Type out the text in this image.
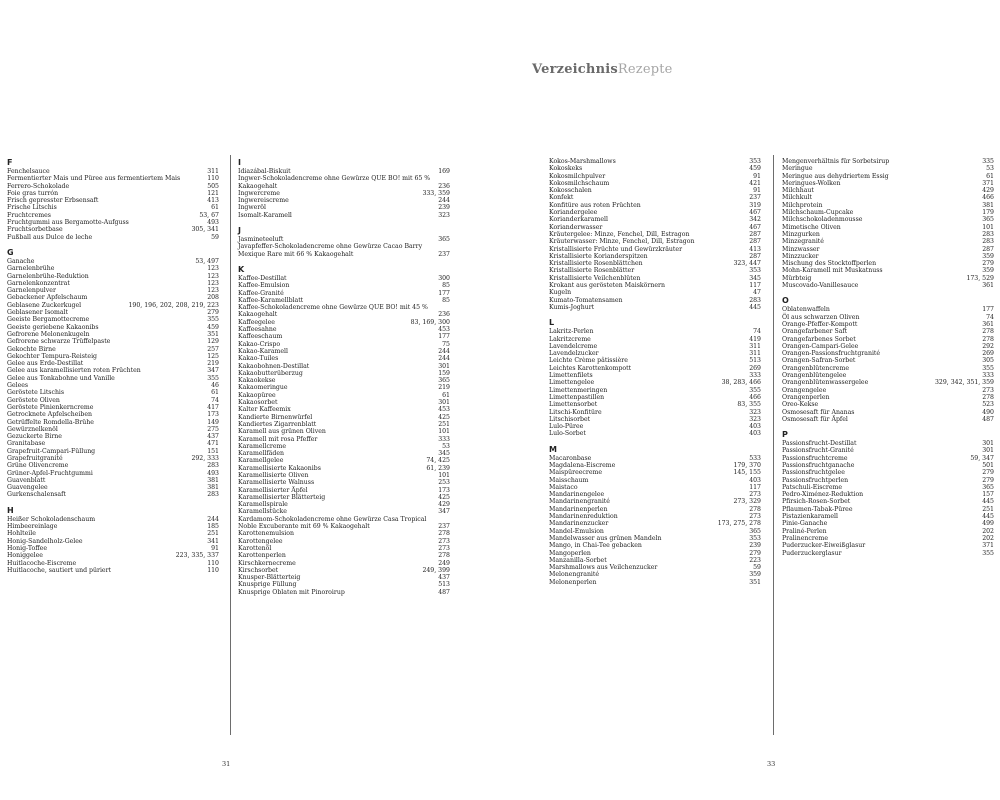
VerzeichnisRezepte
F
Fenchelsauce	311
Fermentierter Mais und Püree aus fermentiertem Mais	110
Ferrero-Schokolade	505
Foie gras turrón	121
Frisch gepresster Erbsensaft	413
Frische Litschis	61
Fruchtcremes	53, 67
Fruchtgummi aus Bergamotte-Aufguss	493
Fruchtsorbetbase	305, 341
Fußball aus Dulce de leche	59
G
Ganache	53, 497
Garnelenbrühe	123
Garnelenbrühe-Reduktion	123
Garnelenkonzentrat	123
Garnelenpulver	123
Gebackener Apfelschaum	208
Geblasene Zuckerkugel	190, 196, 202, 208, 219, 223
Geblasener Isomalt	279
Geeiste Bergamottecreme	355
Geeiste geriebene Kakaonibs	459
Gefrorene Melonenkugeln	351
Gefrorene schwarze Trüffelpaste	129
Gekochte Birne	257
Gekochter Tempura-Reisteig	125
Gelee aus Erde-Destillat	219
Gelee aus karamellisierten roten Früchten	347
Gelee aus Tonkabohne und Vanille	355
Gelees	46
Geröstete Litschis	61
Geröstete Oliven	74
Geröstete Pinienkerncreme	417
Getrocknete Apfelscheiben	173
Getrüffelte Romdella-Brühe	149
Gewürznelkenöl	275
Gezuckerte Birne	437
Granitabase	471
Grapefruit-Campari-Füllung	151
Grapefruitgranité	292, 333
Grüne Olivencreme	283
Grüner-Apfel-Fruchtgummi	493
Guavenblatt	381
Guavengelee	381
Gurkenschalensaft	283
H
Heißer Schokoladenschaum	244
Himbeereinlage	185
Hohlteile	251
Honig-Sandelholz-Gelee	341
Honig-Toffee	91
Honiggelee	223, 335, 337
Huitlacoche-Eiscreme	110
Huitlacoche, sautiert und püriert	110
I
Idiazábal-Biskuit	169
Ingwer-Schokoladencreme ohne Gewürze QUE BO! mit 65 % Kakaogehalt	236
Ingwercreme	333, 359
Ingwereiscreme	244
Ingweröl	239
Isomalt-Karamell	323
J
Jasmineteeluft	365
Javapfeffer-Schokoladencreme ohne Gewürze Cacao Barry Mexique Rare mit 66 % Kakaogehalt	237
K
Kaffee-Destillat	300
Kaffee-Emulsion	85
Kaffee-Granité	177
Kaffee-Karamellblatt	85
Kaffee-Schokoladencreme ohne Gewürze QUE BO! mit 45 % Kakaogehalt	236
Kaffeegelee	83, 169, 300
Kaffeesahne	453
Kaffeeschaum	177
Kakao-Crispo	75
Kakao-Karamell	244
Kakao-Tuiles	244
Kakaobohnen-Destillat	301
Kakaobutterüberzug	159
Kakaokekse	365
Kakaomeringue	219
Kakaopüree	61
Kakaosorbet	301
Kalter Kaffeemix	453
Kandierte Birnenwürfel	425
Kandiertes Zigarrenblatt	251
Karamell aus grünen Oliven	101
Karamell mit rosa Pfeffer	333
Karamellcreme	53
Karamellfäden	345
Karamellgelee	74, 425
Karamellisierte Kakaonibs	61, 239
Karamellisierte Oliven	101
Karamellisierte Walnuss	253
Karamellisierter Äpfel	173
Karamellisierter Blätterteig	425
Karamellspirale	429
Karamellstücke	347
Kardamom-Schokoladencreme ohne Gewürze Casa Tropical Noble Excuberante mit 69 % Kakaogehalt	237
Karottenemulsion	278
Karottengelee	273
Karottenöl	273
Karottenperlen	278
Kirschkernecreme	249
Kirschsorbet	249, 399
Knusper-Blätterteig	437
Knusprige Füllung	513
Knusprige Oblaten mit Pinoroirup	487
Kokos-Marshmallows	353
Kokoskeks	459
Kokosmilchpulver	91
Kokosmilchschaum	421
Kokosschalen	91
Konfekt	237
Konfitüre aus roten Früchten	319
Koriandergelee	467
Korianderkaramell	342
Korianderwasser	467
Kräutergelee: Minze, Fenchel, Dill, Estragon	287
Kräuterwasser: Minze, Fenchel, Dill, Estragon	287
Kristallisierte Früchte und Gewürzkräuter	413
Kristallisierte Korianderspitzen	287
Kristallisierte Rosenblättchen	323, 447
Kristallisierte Rosenblätter	353
Kristallisierte Veilchenblüten	345
Krokant aus gerösteten Maiskörnern	117
Kugeln	47
Kumato-Tomatensamen	283
Kumis-Joghurt	445
L
Lakritz-Perlen	74
Lakritzcreme	419
Lavendelcreme	311
Lavendelzucker	311
Leichte Crème pâtissière	513
Leichtes Karottenkompott	269
Limettenfilets	333
Limettengelee	38, 283, 466
Limettenmeringen	355
Limettenpastillen	466
Limettensorbet	83, 355
Litschi-Konfitüre	323
Litschisorbet	323
Lulo-Püree	403
Lulo-Sorbet	403
M
Macaronbase	533
Magdalena-Eiscreme	179, 370
Maispüreecreme	145, 155
Maisschaum	403
Maistaco	117
Mandarinengelee	273
Mandarinengranité	273, 329
Mandarinenperlen	278
Mandarinenreduktion	273
Mandarinenzucker	173, 275, 278
Mandel-Emulsion	365
Mandelwasser aus grünen Mandeln	353
Mango, in Chai-Tee gebacken	239
Mangoperlen	279
Manzanilla-Sorbet	223
Marshmallows aus Veilchenzucker	59
Melonengranité	359
Melonenperlen	351
Mengenverhältnis für Sorbetsirup	335
Meringue	53
Meringue aus dehydriertem Essig	61
Meringues-Wolken	371
Milchhaut	429
Milchkult	466
Milchprotein	381
Milchschaum-Cupcake	179
Milchschokoladenmousse	365
Mimetische Oliven	101
Minzgurken	283
Minzegranité	283
Minzwasser	287
Minzzucker	359
Mischung des Stocktoffperlen	279
Mohn-Karamell mit Muskatnuss	359
Mürbteig	173, 529
Muscovado-Vanillesauce	361
O
Oblatenwaffeln	177
Öl aus schwarzen Oliven	74
Orange-Pfeffer-Kompott	361
Orangefarbener Saft	278
Orangefarbenes Sorbet	278
Orangen-Campari-Gelee	292
Orangen-Passionsfruchtgranité	269
Orangen-Safran-Sorbet	305
Orangenblütencreme	355
Orangenblütengelee	333
Orangenblütenwassergelee	329, 342, 351, 359
Orangengelee	273
Orangenperlen	278
Oreo-Kekse	523
Osmosesaft für Ananas	490
Osmosesaft für Äpfel	487
P
Passionsfrucht-Destillat	301
Passionsfrucht-Granité	301
Passionsfruchtcreme	59, 347
Passionsfruchtganache	501
Passionsfruchtgelee	279
Passionsfruchtperlen	279
Patschuli-Eiscreme	365
Pedro-Ximénez-Reduktion	157
Pfirsich-Rosen-Sorbet	445
Pflaumen-Tabak-Püree	251
Pistazienkaramell	445
Pinie-Ganache	499
Praliné-Perlen	202
Pralinencreme	202
Puderzucker-Eiweißglasur	371
Puderzuckerglasur	355
31	33
